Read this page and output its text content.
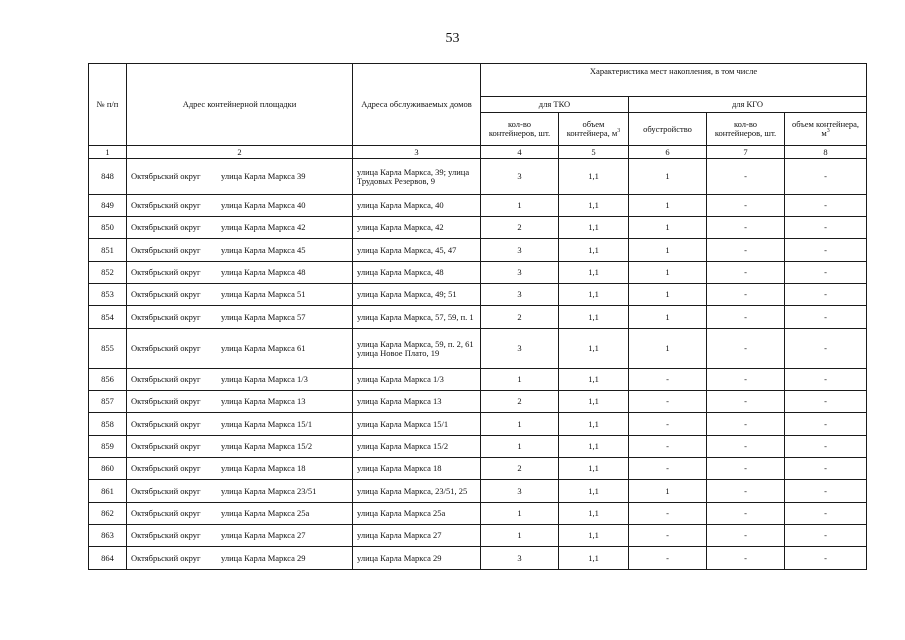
53
№ п/п	Адрес контейнерной площадки	Адреса обслуживаемых домов	Характеристика мест накопления, в том числе				
			для ТКО		для КГО		
			кол-во контейнеров, шт.	объем контейнера, $м^3$	обустройство	кол-во контейнеров, шт.	объем контейнера, $м^3$
1	2	3	4	5	6	7	8
848	Октябрьский округ улица Карла Маркса 39	улица Карла Маркса, 39; улица Трудовых Резервов, 9	3	1,1	1	-	-
849	Октябрьский округ улица Карла Маркса 40	улица Карла Маркса, 40	1	1,1	1	-	-
850	Октябрьский округ улица Карла Маркса 42	улица Карла Маркса, 42	2	1,1	1	-	-
851	Октябрьский округ улица Карла Маркса 45	улица Карла Маркса, 45, 47	3	1,1	1	-	-
852	Октябрьский округ улица Карла Маркса 48	улица Карла Маркса, 48	3	1,1	1	-	-
853	Октябрьский округ улица Карла Маркса 51	улица Карла Маркса, 49; 51	3	1,1	1	-	-
854	Октябрьский округ улица Карла Маркса 57	улица Карла Маркса, 57, 59, п. 1	2	1,1	1	-	-
855	Октябрьский округ улица Карла Маркса 61	улица Карла Маркса, 59, п. 2, 61 улица Новое Плато, 19	3	1,1	1	-	-
856	Октябрьский округ улица Карла Маркса 1/3	улица Карла Маркса 1/3	1	1,1	-	-	-
857	Октябрьский округ улица Карла Маркса 13	улица Карла Маркса 13	2	1,1	-	-	-
858	Октябрьский округ улица Карла Маркса 15/1	улица Карла Маркса 15/1	1	1,1	-	-	-
859	Октябрьский округ улица Карла Маркса 15/2	улица Карла Маркса 15/2	1	1,1	-	-	-
860	Октябрьский округ улица Карла Маркса 18	улица Карла Маркса 18	2	1,1	-	-	-
861	Октябрьский округ улица Карла Маркса 23/51	улица Карла Маркса, 23/51, 25	3	1,1	1	-	-
862	Октябрьский округ улица Карла Маркса 25а	улица Карла Маркса 25а	1	1,1	-	-	-
863	Октябрьский округ улица Карла Маркса 27	улица Карла Маркса 27	1	1,1	-	-	-
864	Октябрьский округ улица Карла Маркса 29	улица Карла Маркса 29	3	1,1	-	-	-
